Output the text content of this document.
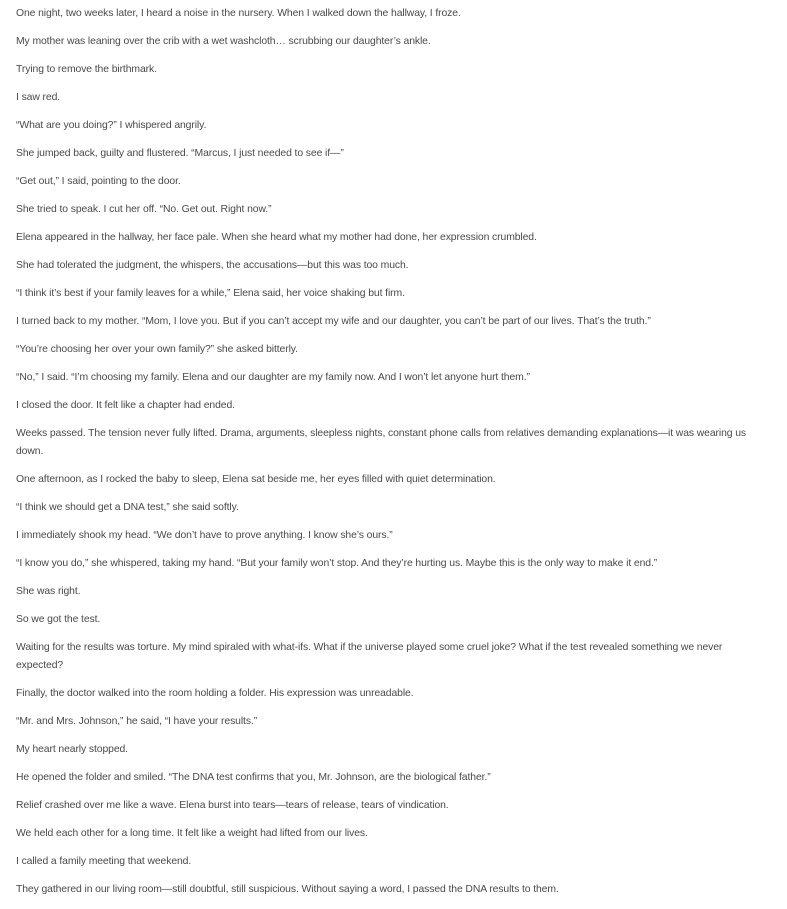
One night, two weeks later, I heard a noise in the nursery. When I walked down the hallway, I froze.

My mother was leaning over the crib with a wet washcloth… scrubbing our daughter’s ankle.

Trying to remove the birthmark.

I saw red.

“What are you doing?” I whispered angrily.

She jumped back, guilty and flustered. “Marcus, I just needed to see if—”

“Get out,” I said, pointing to the door.

She tried to speak. I cut her off. “No. Get out. Right now.”

Elena appeared in the hallway, her face pale. When she heard what my mother had done, her expression crumbled.

She had tolerated the judgment, the whispers, the accusations—but this was too much.

“I think it’s best if your family leaves for a while,” Elena said, her voice shaking but firm.

I turned back to my mother. “Mom, I love you. But if you can’t accept my wife and our daughter, you can’t be part of our lives. That’s the truth.”

“You’re choosing her over your own family?” she asked bitterly.

“No,” I said. “I’m choosing my family. Elena and our daughter are my family now. And I won’t let anyone hurt them.”

I closed the door. It felt like a chapter had ended.

Weeks passed. The tension never fully lifted. Drama, arguments, sleepless nights, constant phone calls from relatives demanding explanations—it was wearing us down.

One afternoon, as I rocked the baby to sleep, Elena sat beside me, her eyes filled with quiet determination.

“I think we should get a DNA test,” she said softly.

I immediately shook my head. “We don’t have to prove anything. I know she’s ours.”

“I know you do,” she whispered, taking my hand. “But your family won’t stop. And they’re hurting us. Maybe this is the only way to make it end.”

She was right.

So we got the test.

Waiting for the results was torture. My mind spiraled with what-ifs. What if the universe played some cruel joke? What if the test revealed something we never expected?

Finally, the doctor walked into the room holding a folder. His expression was unreadable.

“Mr. and Mrs. Johnson,” he said, “I have your results.”

My heart nearly stopped.

He opened the folder and smiled. “The DNA test confirms that you, Mr. Johnson, are the biological father.”

Relief crashed over me like a wave. Elena burst into tears—tears of release, tears of vindication.

We held each other for a long time. It felt like a weight had lifted from our lives.

I called a family meeting that weekend.

They gathered in our living room—still doubtful, still suspicious. Without saying a word, I passed the DNA results to them.
